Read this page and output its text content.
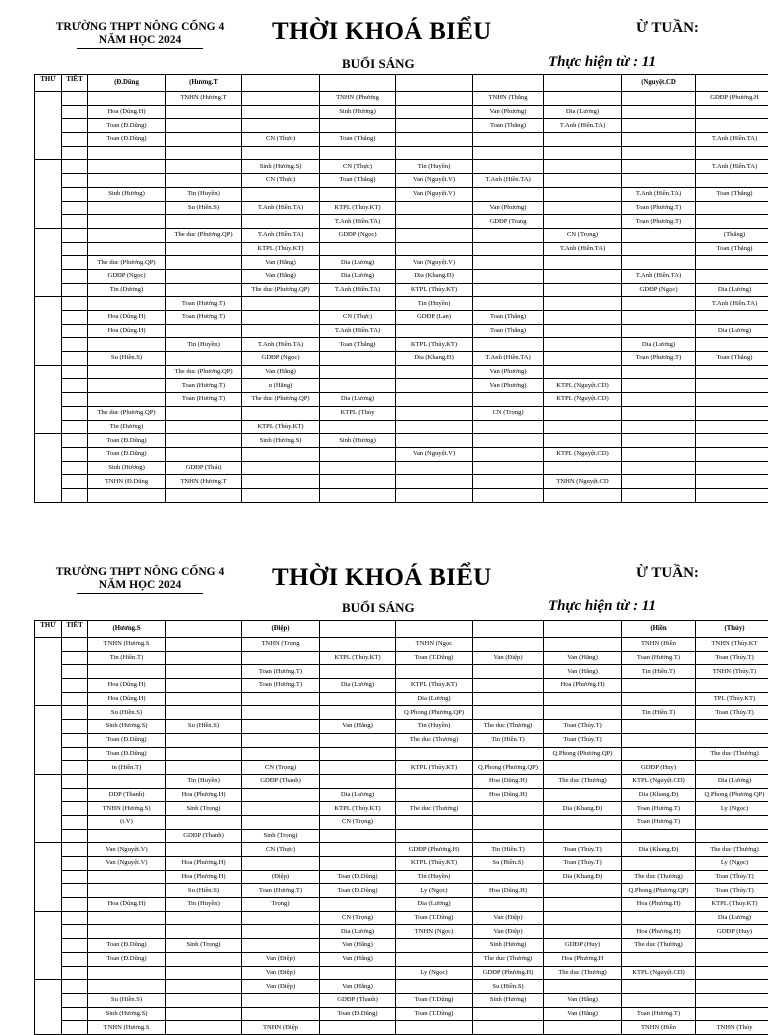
TRƯỜNG THPT NÔNG CỐNG 4
NĂM HỌC 2024	THỜI KHOÁ BIỂU	Ừ TUẦN:
BUỔI SÁNG	Thực hiện từ : 11
THỨ	TIẾT	(Đ.Dũng	(Hương.T						(Nguyệt.CD	
			TNHN (Hương.T		TNHN (Phương		TNHN (Thắng			GDĐP (Phương.H
		Hoa (Dũng.H)			Sinh (Hương)		Van (Phương)	Dia (Lương)		
		Toan (Đ.Dũng)					Toan (Thắng)	T.Anh (Hiền.TA)		
		Toan (Đ.Dũng)		CN (Thực)	Toan (Thắng)					T.Anh (Hiền.TA)

				Sinh (Hương.S)	CN (Thực)	Tin (Huyền)				T.Anh (Hiền.TA)
				CN (Thực)	Toan (Thắng)	Van (Nguyệt.V)	T.Anh (Hiền.TA)			
		Sinh (Hương)	Tin (Huyền)			Van (Nguyệt.V)			T.Anh (Hiền.TA)	Toan (Thắng)
			Su (Hiền.S)	T.Anh (Hiền.TA)	KTPL (Thủy.KT)		Van (Phương)		Toan (Phương.T)	
					T.Anh (Hiền.TA)		GDĐP (Trang		Toan (Phương.T)	
			The duc (Phương.QP)	T.Anh (Hiền.TA)	GDĐP (Ngọc)			CN (Trọng)		(Thắng)
				KTPL (Thủy.KT)				T.Anh (Hiền.TA)		Toan (Thắng)
		The duc (Phương.QP)		Van (Hằng)	Dia (Lương)	Van (Nguyệt.V)				
		GDĐP (Ngọc)		Van (Hằng)	Dia (Lương)	Dia (Khang.Đ)			T.Anh (Hiền.TA)	
		Tin (Dương)		The duc (Phương.QP)	T.Anh (Hiền.TA)	KTPL (Thủy.KT)			GDĐP (Ngọc)	Dia (Lương)
			Toan (Hương.T)			Tin (Huyền)				T.Anh (Hiền.TA)
		Hoa (Dũng.H)	Toan (Hương.T)		CN (Thực)	GDĐP (Lan)	Toan (Thắng)			
		Hoa (Dũng.H)			T.Anh (Hiền.TA)		Toan (Thắng)			Dia (Lương)
			Tin (Huyền)	T.Anh (Hiền.TA)	Toan (Thắng)	KTPL (Thủy.KT)			Dia (Lương)	
		Su (Hiền.S)		GDĐP (Ngọc)		Dia (Khang.Đ)	T.Anh (Hiền.TA)		Toan (Phương.T)	Toan (Thắng)
			The duc (Phương.QP)	Van (Hằng)			Van (Phương)			
			Toan (Hương.T)	n (Hằng)			Van (Phương)	KTPL (Nguyệt.CD)		
			Toan (Hương.T)	The duc (Phương.QP)	Dia (Lương)			KTPL (Nguyệt.CD)		
		The duc (Phương.QP)			KTPL (Thủy		CN (Trọng)			
		Tin (Dương)		KTPL (Thủy.KT)						
		Toan (Đ.Dũng)		Sinh (Hương.S)	Sinh (Hương)					
		Toan (Đ.Dũng)				Van (Nguyệt.V)		KTPL (Nguyệt.CD)		
		Sinh (Hương)	GDĐP (Thái)							
		TNHN (Đ.Dũng	TNHN (Hương.T					TNHN (Nguyệt.CD		

TRƯỜNG THPT NÔNG CỐNG 4
NĂM HỌC 2024	THỜI KHOÁ BIỂU	Ừ TUẦN:
BUỔI SÁNG	Thực hiện từ : 11
THỨ	TIẾT	(Hương.S		(Điệp)					(Hiền	(Thủy)
		TNHN (Hương.S		TNHN (Trọng		TNHN (Ngọc			TNHN (Hiền	TNHN (Thủy.KT
		Tin (Hiền.T)			KTPL (Thủy.KT)	Toan (T.Dũng)	Van (Điệp)	Van (Hằng)	Toan (Hương.T)	Toan (Thủy.T)
				Toan (Hương.T)				Van (Hằng)	Tin (Hiền.T)	TNHN (Thủy.T)
		Hoa (Dũng.H)		Toan (Hương.T)	Dia (Lương)	KTPL (Thủy.KT)		Hoa (Phương.H)		
		Hoa (Dũng.H)				Dia (Lương)				TPL (Thủy.KT)
		Su (Hiền.S)				Q.Phong (Phương.QP)			Tin (Hiền.T)	Toan (Thủy.T)
		Sinh (Hương.S)	Su (Hiền.S)		Van (Hằng)	Tin (Huyền)	The duc (Thương)	Toan (Thủy.T)		
		Toan (Đ.Dũng)				The duc (Thương)	Tin (Hiền.T)	Toan (Thủy.T)		
		Toan (Đ.Dũng)						Q.Phong (Phương.QP)		The duc (Thương)
		in (Hiền.T)		CN (Trọng)		KTPL (Thủy.KT)	Q.Phong (Phương.QP)		GDĐP (Huy)	
			Tin (Huyền)	GDĐP (Thanh)			Hoa (Dũng.H)	The duc (Thương)	KTPL (Nguyệt.CD)	Dia (Lương)
		DDP (Thanh)	Hoa (Phương.H)		Dia (Lương)		Hoa (Dũng.H)		Dia (Khang.Đ)	Q.Phong (Phương.QP)
		TNHN (Hương.S)	Sinh (Trọng)		KTPL (Thủy.KT)	The duc (Thương)		Dia (Khang.Đ)	Toan (Hương.T)	Ly (Ngọc)
		(t.V)			CN (Trọng)				Toan (Hương.T)	
			GDĐP (Thanh)	Sinh (Trọng)						
		Van (Nguyệt.V)		CN (Thực)		GDĐP (Phương.H)	Tin (Hiền.T)	Toan (Thủy.T)	Dia (Khang.Đ)	The duc (Thương)
		Van (Nguyệt.V)	Hoa (Phương.H)			KTPL (Thủy.KT)	Su (Hiền.S)	Toan (Thủy.T)		Ly (Ngọc)
			Hoa (Phương.H)	(Điệp)	Toan (Đ.Dũng)	Tin (Huyền)		Dia (Khang.Đ)	The duc (Thương)	Toan (Thủy.T)
			Su (Hiền.S)	Toan (Hương.T)	Toan (Đ.Dũng)	Ly (Ngọc)	Hoa (Dũng.H)		Q.Phong (Phương.QP)	Toan (Thủy.T)
		Hoa (Dũng.H)	Tin (Huyền)	Trọng)		Dia (Lương)			Hoa (Phương.H)	KTPL (Thủy.KT)
					CN (Trọng)	Toan (T.Dũng)	Van (Điệp)			Dia (Lương)
					Dia (Lương)	TNHN (Ngọc)	Van (Điệp)		Hoa (Phương.H)	GDĐP (Huy)
		Toan (Đ.Dũng)	Sinh (Trọng)		Van (Hằng)		Sinh (Hương)	GDĐP (Huy)	The duc (Thương)	
		Toan (Đ.Dũng)		Van (Điệp)	Van (Hằng)		The duc (Thương)	Hoa (Phương.H		
				Van (Điệp)		Ly (Ngọc)	GDĐP (Phương.H)	The duc (Thương)	KTPL (Nguyệt.CD)	
				Van (Điệp)	Van (Hằng)		Su (Hiền.S)			
		Su (Hiền.S)			GDĐP (Thanh)	Toan (T.Dũng)	Sinh (Hương)	Van (Hằng)		
		Sinh (Hương.S)			Toan (Đ.Dũng)	Toan (T.Dũng)		Van (Hằng)	Toan (Hương.T)	
		TNHN (Hương.S		TNHN (Điệp					TNHN (Hiền	TNHN (Thủy
